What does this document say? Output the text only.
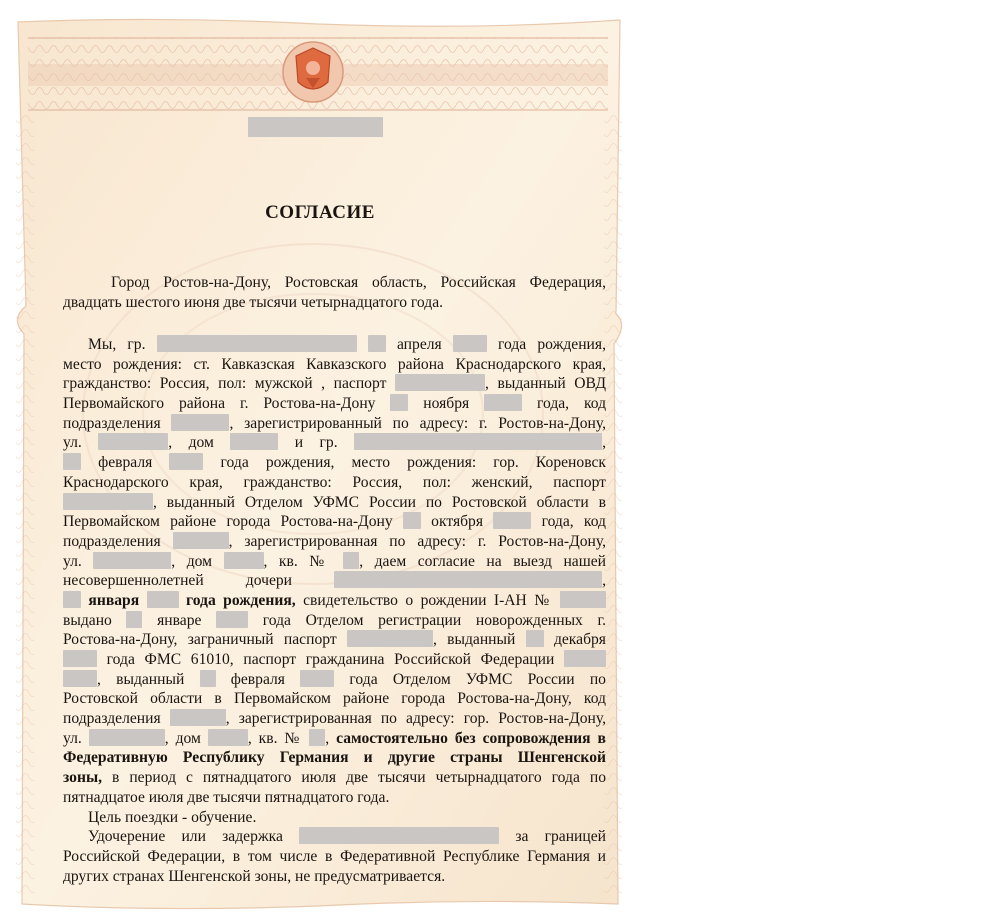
СОГЛАСИЕ
Город Ростов-на-Дону, Ростовская область, Российская Федерация,
двадцать шестого июня две тысячи четырнадцатого года.
Мы, гр.	апреля	года рождения,
место рождения: ст. Кавказская Кавказского района Краснодарского края,
гражданство: Россия, пол: мужской , паспорт	, выданный ОВД
Первомайского района г. Ростова-на-Дону	ноября	года, код
подразделения	, зарегистрированный по адресу: г. Ростов-на-Дону,
ул.	, дом	и гр.	,
февраля	года рождения, место рождения: гор. Кореновск
Краснодарского края, гражданство: Россия, пол: женский, паспорт
, выданный Отделом УФМС России по Ростовской области в
Первомайском районе города Ростова-на-Дону октября	года, код
подразделения	, зарегистрированная по адресу: г. Ростов-на-Дону,
ул.	, дом	, кв. № , даем согласие на выезд нашей
несовершеннолетней	дочери	,
января	года рождения, свидетельство о рождении I-АН №
выдано	январе	года Отделом регистрации новорожденных г.
Ростова-на-Дону, заграничный паспорт	, выданный декабря
года ФМС 61010, паспорт гражданина Российской Федерации
, выданный	февраля	года Отделом УФМС России по
Ростовской области в Первомайском районе города Ростова-на-Дону, код
подразделения	, зарегистрированная по адресу: гор. Ростов-на-Дону,
ул.	, дом	, кв. № , самостоятельно без сопровождения в
Федеративную Республику Германия и другие страны Шенгенской
зоны, в период с пятнадцатого июля две тысячи четырнадцатого года по
пятнадцатое июля две тысячи пятнадцатого года.
Цель поездки - обучение.
Удочерение или задержка	за границей
Российской Федерации, в том числе в Федеративной Республике Германия и
других странах Шенгенской зоны, не предусматривается.
